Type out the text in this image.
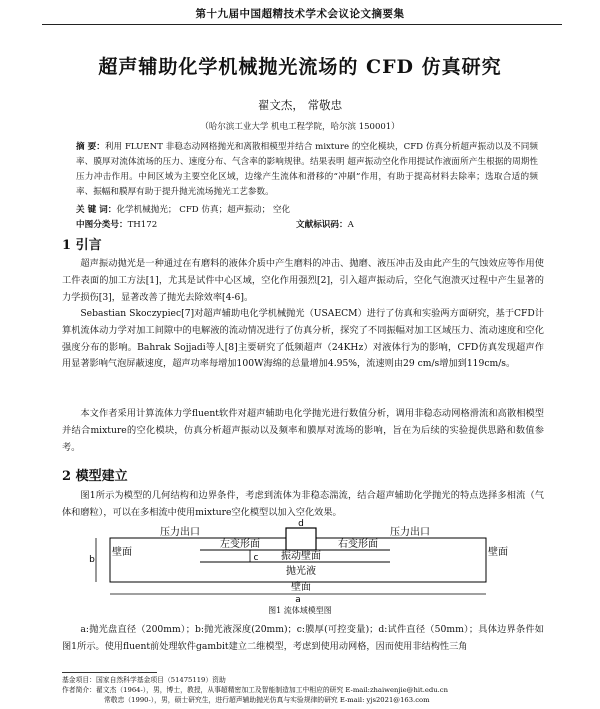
第十九届中国超精技术学术会议论文摘要集
超声辅助化学机械抛光流场的 CFD 仿真研究
翟文杰， 常敬忠
（哈尔滨工业大学 机电工程学院，哈尔滨 150001）
摘 要：利用 FLUENT 非稳态动网格抛光和离散相模型并结合 mixture 的空化模块，CFD 仿真分析超声振动以及不同频率、膜厚对流体流场的压力、速度分布、气含率的影响规律。结果表明 超声振动空化作用提试作液面所产生根据的周期性压力冲击作用。中间区域为主要空化区域，边缘产生流体和滑移的“冲刷”作用，有助于提高材料去除率；选取合适的频率、振幅和膜厚有助于提升抛光流场抛光工艺参数。
关 键 词：化学机械抛光； CFD 仿真；超声振动； 空化
中图分类号：TH172	文献标识码：A
1 引言
超声振动抛光是一种通过在有磨料的液体介质中产生磨料的冲击、抛磨、液压冲击及由此产生的气蚀效应等作用使工件表面的加工方法[1]，尤其是试件中心区域，空化作用强烈[2]，引入超声振动后，空化气泡溃灭过程中产生显著的力学损伤[3]，显著改善了抛光去除效率[4-6]。
Sebastian Skoczypiec[7]对超声辅助电化学机械抛光（USAECM）进行了仿真和实验两方面研究，基于CFD计算机流体动力学对加工间隙中的电解液的流动情况进行了仿真分析，探究了不同振幅对加工区域压力、流动速度和空化强度分布的影响。Bahrak Sojjadi等人[8]主要研究了低频超声（24KHz）对液体行为的影响，CFD仿真发现超声作用显著影响气泡屏蔽速度，超声功率每增加100W海绵的总量增加4.95%，流速则由29 cm/s增加到119cm/s。
本文作者采用计算流体力学fluent软件对超声辅助电化学抛光进行数值分析，调用非稳态动网格滑流和高散相模型并结合mixture的空化模块，仿真分析超声振动以及频率和膜厚对流场的影响，旨在为后续的实验提供思路和数值参考。
2 模型建立
图1所示为模型的几何结构和边界条件，考虑到流体为非稳态湍流，结合超声辅助化学抛光的特点选择多相流（气体和磨粒），可以在多相流中使用mixture空化模型以加入空化效果。
压力出口	压力出口
壁面	壁面
左变形面	右变形面
振动壁面
抛光液
壁面
a
b	c
d
图1 流体域模型图
a:抛光盘直径（200mm）；b:抛光液深度(20mm)；c:膜厚(可控变量)；d:试件直径（50mm）；具体边界条件如图1所示。使用fluent前处理软件gambit建立二维模型，考虑到使用动网格，因而使用非结构性三角
基金项目：国家自然科学基金项目（51475119）资助
作者简介：翟文杰（1964-），男，博士，教授，从事超精密加工及智能制造加工中相应的研究 E-mail:zhaiwenjie@hit.edu.cn
常敬忠（1990-），男，硕士研究生，进行超声辅助抛光仿真与实验规律的研究 E-mail: yjs2021@163.com
